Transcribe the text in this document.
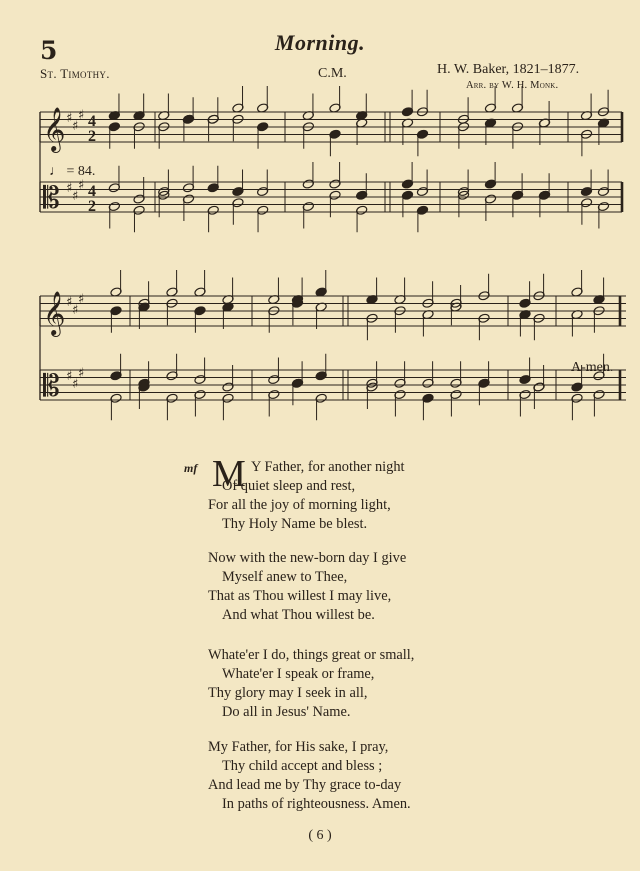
5	Morning.
St. Timothy.	C.M.	H. W. Baker, 1821–1877.
Arr. by W. H. Monk.
𝄞 ♯
♯
♯
𝄡 ♯
♯
♯
4
2
4
2
𝄞 ♯
♯
♯
𝄡 ♯
♯
♯
♩ = 84.
A-men.
mf M Y Father, for another night
Of quiet sleep and rest,
For all the joy of morning light,
Thy Holy Name be blest.
Now with the new-born day I give
Myself anew to Thee,
That as Thou willest I may live,
And what Thou willest be.
Whate'er I do, things great or small,
Whate'er I speak or frame,
Thy glory may I seek in all,
Do all in Jesus' Name.
My Father, for His sake, I pray,
Thy child accept and bless ;
And lead me by Thy grace to-day
In paths of righteousness. Amen.
( 6 )
